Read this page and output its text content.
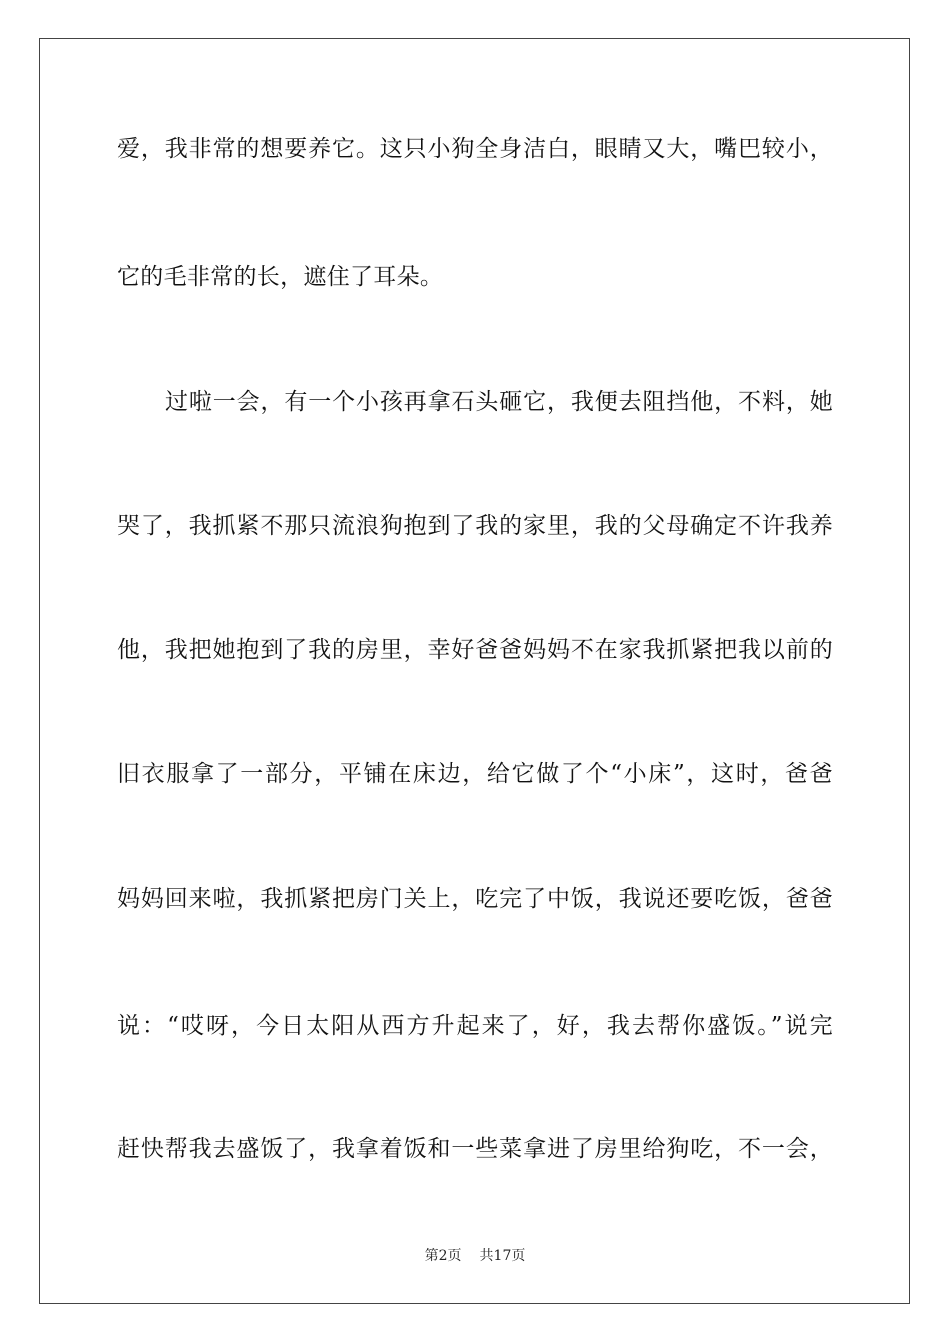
爱，我非常的想要养它。这只小狗全身洁白，眼睛又大，嘴巴较小，
它的毛非常的长，遮住了耳朵。
过啦一会，有一个小孩再拿石头砸它，我便去阻挡他，不料，她
哭了，我抓紧不那只流浪狗抱到了我的家里，我的父母确定不许我养
他，我把她抱到了我的房里，幸好爸爸妈妈不在家我抓紧把我以前的
旧衣服拿了一部分，平铺在床边，给它做了个“小床”，这时，爸爸
妈妈回来啦，我抓紧把房门关上，吃完了中饭，我说还要吃饭，爸爸
说：“哎呀，今日太阳从西方升起来了，好，我去帮你盛饭。”说完
赶快帮我去盛饭了，我拿着饭和一些菜拿进了房里给狗吃，不一会，
第2页 共17页
